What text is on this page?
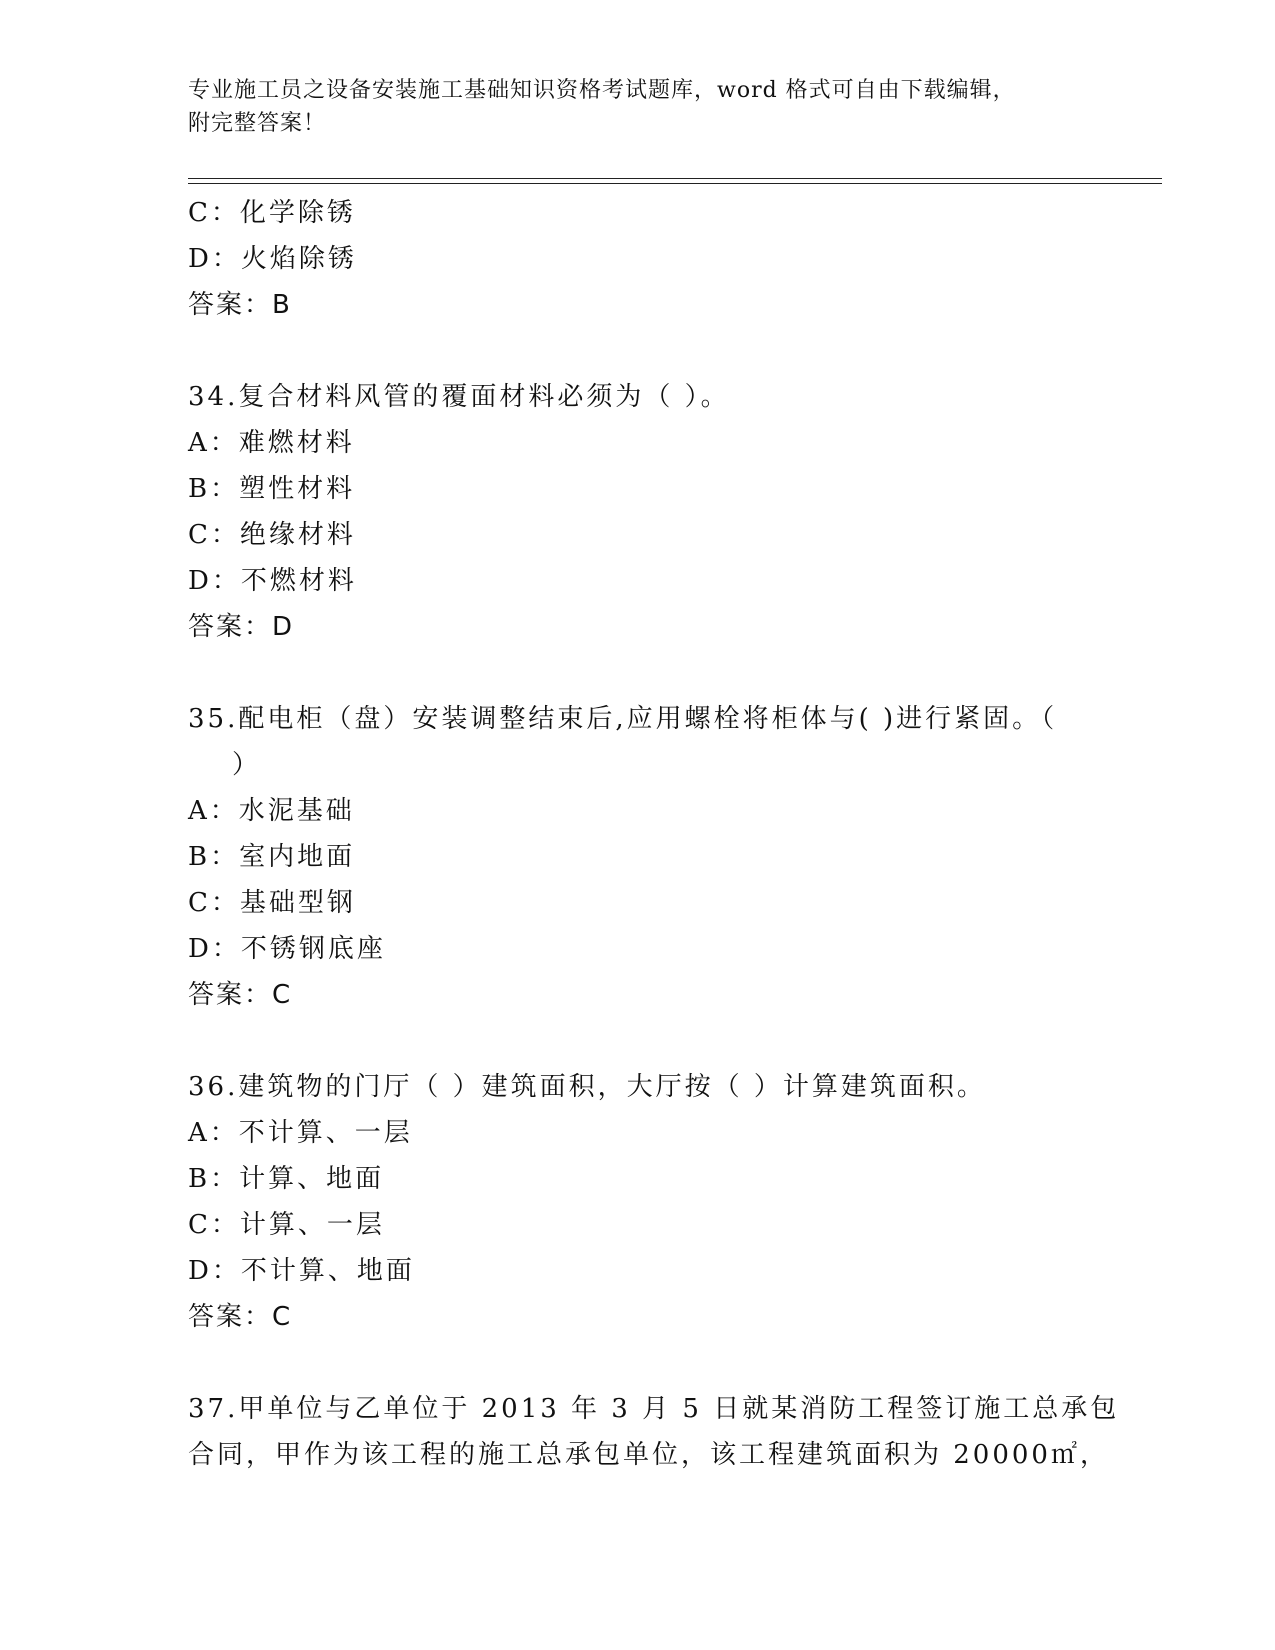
专业施工员之设备安装施工基础知识资格考试题库，word 格式可自由下载编辑，
附完整答案！
C：化学除锈
D：火焰除锈
答案：B
34.复合材料风管的覆面材料必须为（ ）。
A：难燃材料
B：塑性材料
C：绝缘材料
D：不燃材料
答案：D
35.配电柜（盘）安装调整结束后,应用螺栓将柜体与( )进行紧固。（
）
A：水泥基础
B：室内地面
C：基础型钢
D：不锈钢底座
答案：C
36.建筑物的门厅（ ）建筑面积，大厅按（ ）计算建筑面积。
A：不计算、一层
B：计算、地面
C：计算、一层
D：不计算、地面
答案：C
37.甲单位与乙单位于 2013 年 3 月 5 日就某消防工程签订施工总承包
合同，甲作为该工程的施工总承包单位，该工程建筑面积为 20000㎡，
